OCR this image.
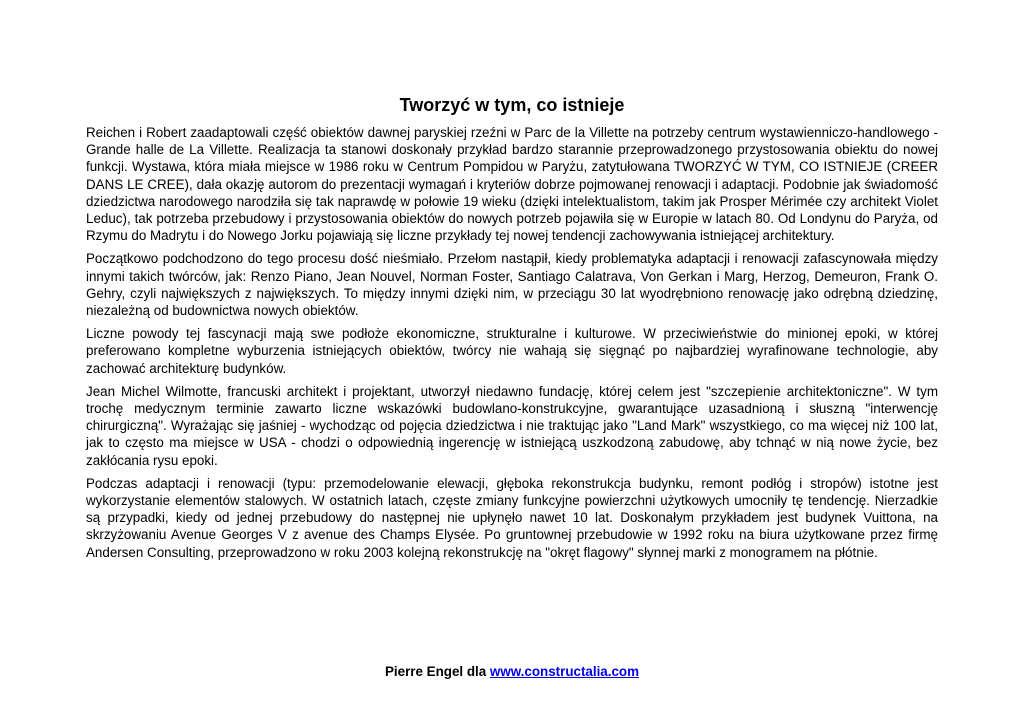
Tworzyć w tym, co istnieje

Reichen i Robert zaadaptowali część obiektów dawnej paryskiej rzeźni w Parc de la Villette na potrzeby centrum wystawienniczo-handlowego - Grande halle de La Villette. Realizacja ta stanowi doskonały przykład bardzo starannie przeprowadzonego przystosowania obiektu do nowej funkcji. Wystawa, która miała miejsce w 1986 roku w Centrum Pompidou w Paryżu, zatytułowana TWORZYĆ W TYM, CO ISTNIEJE (CREER DANS LE CREE), dała okazję autorom do prezentacji wymagań i kryteriów dobrze pojmowanej renowacji i adaptacji. Podobnie jak świadomość dziedzictwa narodowego narodziła się tak naprawdę w połowie 19 wieku (dzięki intelektualistom, takim jak Prosper Mérimée czy architekt Violet Leduc), tak potrzeba przebudowy i przystosowania obiektów do nowych potrzeb pojawiła się w Europie w latach 80. Od Londynu do Paryża, od Rzymu do Madrytu i do Nowego Jorku pojawiają się liczne przykłady tej nowej tendencji zachowywania istniejącej architektury.

Początkowo podchodzono do tego procesu dość nieśmiało. Przełom nastąpił, kiedy problematyka adaptacji i renowacji zafascynowała między innymi takich twórców, jak: Renzo Piano, Jean Nouvel, Norman Foster, Santiago Calatrava, Von Gerkan i Marg, Herzog, Demeuron, Frank O. Gehry, czyli największych z największych. To między innymi dzięki nim, w przeciągu 30 lat wyodrębniono renowację jako odrębną dziedzinę, niezależną od budownictwa nowych obiektów.

Liczne powody tej fascynacji mają swe podłoże ekonomiczne, strukturalne i kulturowe. W przeciwieństwie do minionej epoki, w której preferowano kompletne wyburzenia istniejących obiektów, twórcy nie wahają się sięgnąć po najbardziej wyrafinowane technologie, aby zachować architekturę budynków.

Jean Michel Wilmotte, francuski architekt i projektant, utworzył niedawno fundację, której celem jest "szczepienie architektoniczne". W tym trochę medycznym terminie zawarto liczne wskazówki budowlano-konstrukcyjne, gwarantujące uzasadnioną i słuszną "interwencję chirurgiczną". Wyrażając się jaśniej - wychodząc od pojęcia dziedzictwa i nie traktując jako "Land Mark" wszystkiego, co ma więcej niż 100 lat, jak to często ma miejsce w USA - chodzi o odpowiednią ingerencję w istniejącą uszkodzoną zabudowę, aby tchnąć w nią nowe życie, bez zakłócania rysu epoki.

Podczas adaptacji i renowacji (typu: przemodelowanie elewacji, głęboka rekonstrukcja budynku, remont podłóg i stropów) istotne jest wykorzystanie elementów stalowych. W ostatnich latach, częste zmiany funkcyjne powierzchni użytkowych umocniły tę tendencję. Nierzadkie są przypadki, kiedy od jednej przebudowy do następnej nie upłynęło nawet 10 lat. Doskonałym przykładem jest budynek Vuittona, na skrzyżowaniu Avenue Georges V z avenue des Champs Elysée. Po gruntownej przebudowie w 1992 roku na biura użytkowane przez firmę Andersen Consulting, przeprowadzono w roku 2003 kolejną rekonstrukcję na "okręt flagowy" słynnej marki z monogramem na płótnie.

Pierre Engel dla www.constructalia.com
